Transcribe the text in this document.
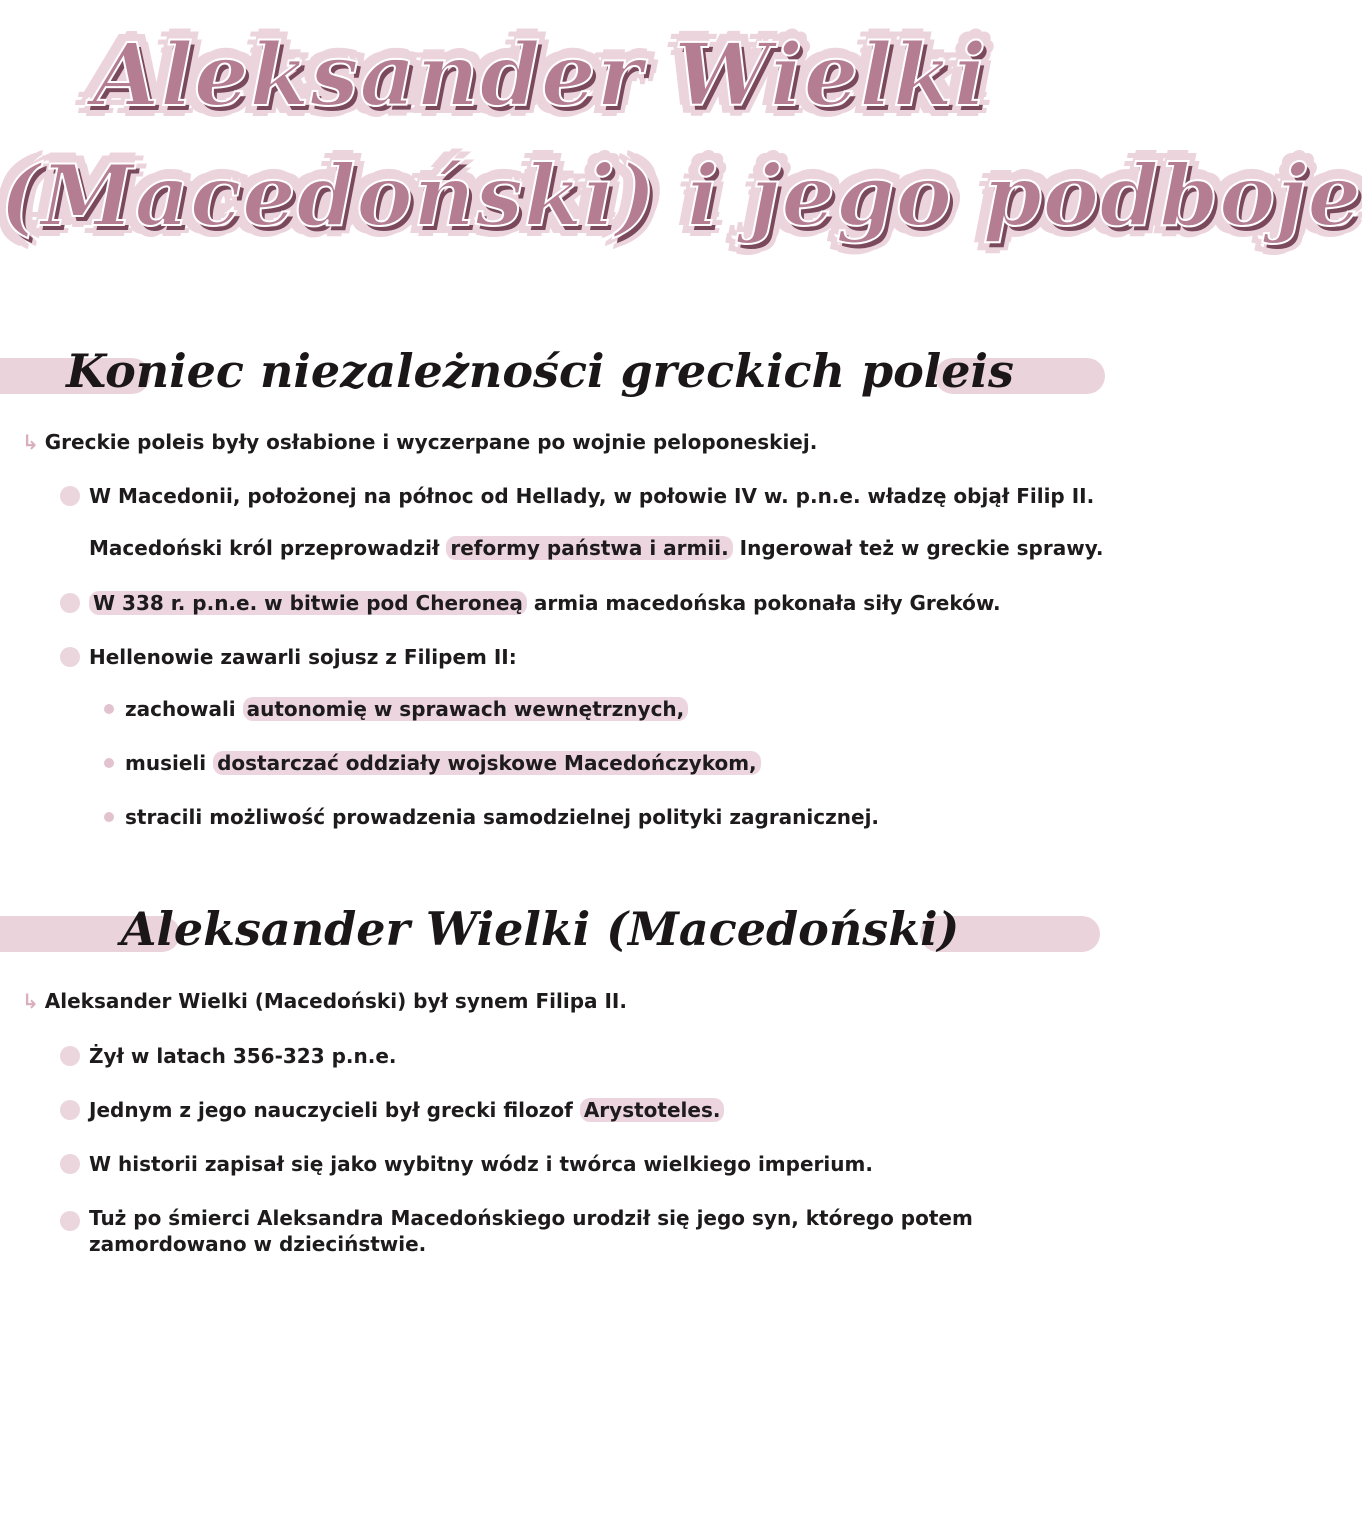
Aleksander Wielki
(Macedoński) i jego podboje
Koniec niezależności greckich poleis
↳ Greckie poleis były osłabione i wyczerpane po wojnie peloponeskiej.
W Macedonii, położonej na północ od Hellady, w połowie IV w. p.n.e. władzę objął Filip II.
Macedoński król przeprowadził reformy państwa i armii. Ingerował też w greckie sprawy.
W 338 r. p.n.e. w bitwie pod Cheroneą armia macedońska pokonała siły Greków.
Hellenowie zawarli sojusz z Filipem II:
zachowali autonomię w sprawach wewnętrznych,
musieli dostarczać oddziały wojskowe Macedończykom,
stracili możliwość prowadzenia samodzielnej polityki zagranicznej.
Aleksander Wielki (Macedoński)
↳ Aleksander Wielki (Macedoński) był synem Filipa II.
Żył w latach 356-323 p.n.e.
Jednym z jego nauczycieli był grecki filozof Arystoteles.
W historii zapisał się jako wybitny wódz i twórca wielkiego imperium.
Tuż po śmierci Aleksandra Macedońskiego urodził się jego syn, którego potem zamordowano w dzieciństwie.
